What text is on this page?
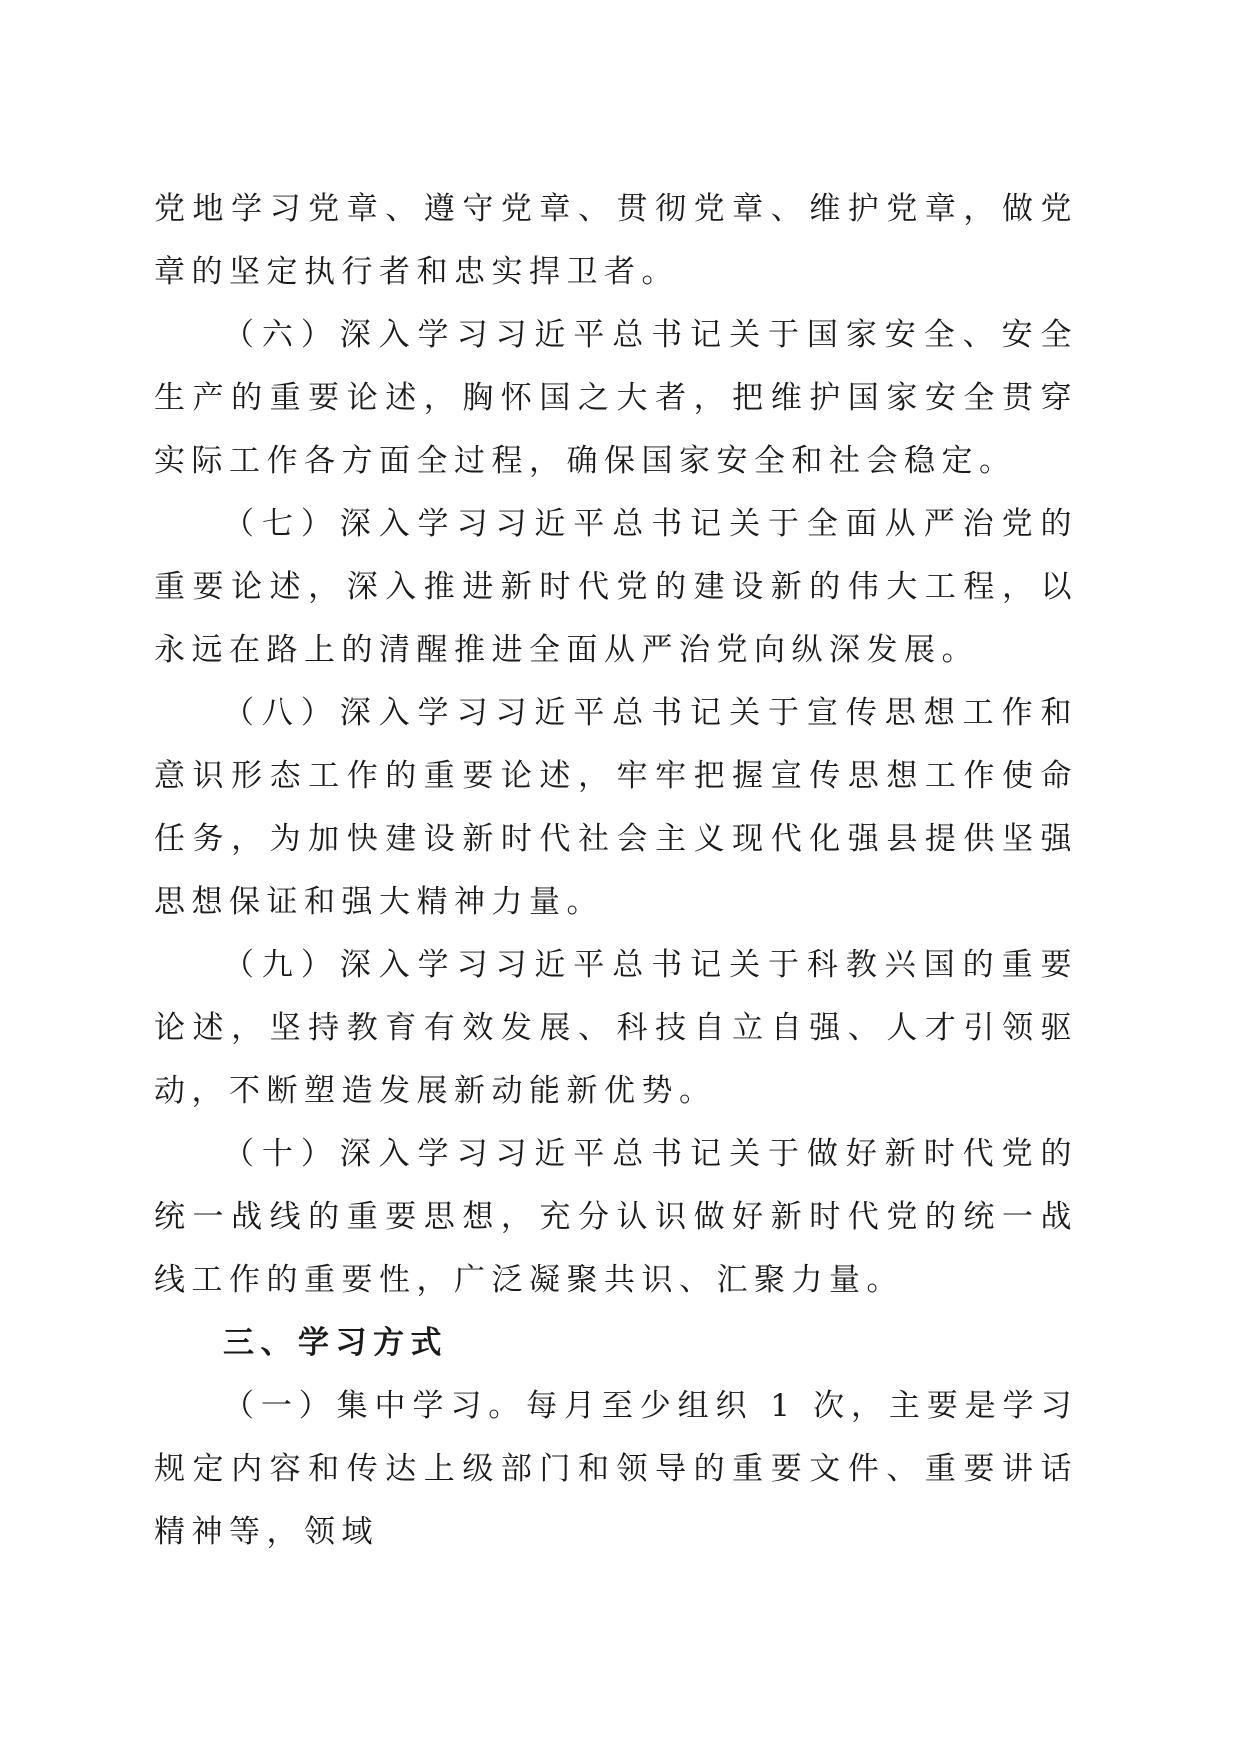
党地学习党章、遵守党章、贯彻党章、维护党章，做党章的坚定执行者和忠实捍卫者。

（六）深入学习习近平总书记关于国家安全、安全生产的重要论述，胸怀国之大者，把维护国家安全贯穿实际工作各方面全过程，确保国家安全和社会稳定。

（七）深入学习习近平总书记关于全面从严治党的重要论述，深入推进新时代党的建设新的伟大工程，以永远在路上的清醒推进全面从严治党向纵深发展。

（八）深入学习习近平总书记关于宣传思想工作和意识形态工作的重要论述，牢牢把握宣传思想工作使命任务，为加快建设新时代社会主义现代化强县提供坚强思想保证和强大精神力量。

（九）深入学习习近平总书记关于科教兴国的重要论述，坚持教育有效发展、科技自立自强、人才引领驱动，不断塑造发展新动能新优势。

（十）深入学习习近平总书记关于做好新时代党的统一战线的重要思想，充分认识做好新时代党的统一战线工作的重要性，广泛凝聚共识、汇聚力量。

三、学习方式

（一）集中学习。每月至少组织 1 次，主要是学习规定内容和传达上级部门和领导的重要文件、重要讲话精神等，领域
